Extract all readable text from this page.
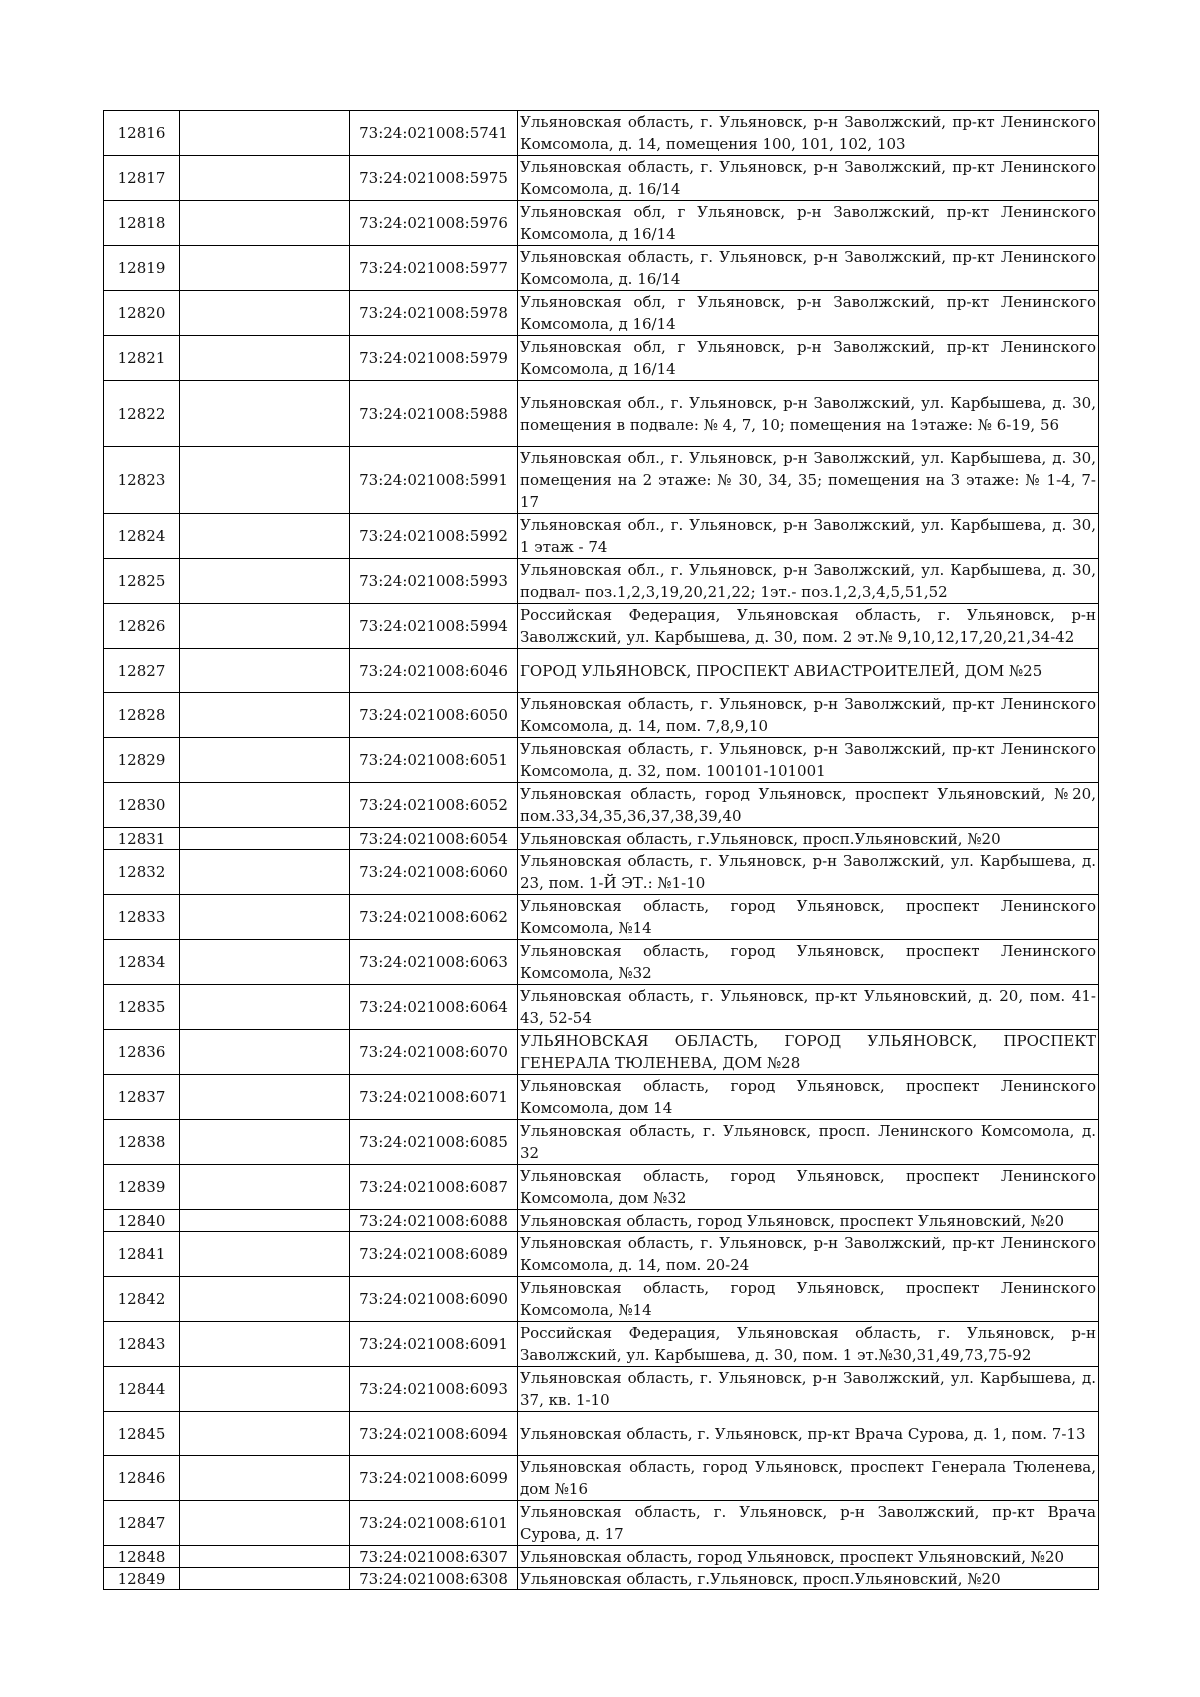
12816		73:24:021008:5741	Ульяновская область, г. Ульяновск, р-н Заволжский, пр-кт Ленинского Комсомола, д. 14, помещения 100, 101, 102, 103
12817		73:24:021008:5975	Ульяновская область, г. Ульяновск, р-н Заволжский, пр-кт Ленинского Комсомола, д. 16/14
12818		73:24:021008:5976	Ульяновская обл, г Ульяновск, р-н Заволжский, пр-кт Ленинского Комсомола, д 16/14
12819		73:24:021008:5977	Ульяновская область, г. Ульяновск, р-н Заволжский, пр-кт Ленинского Комсомола, д. 16/14
12820		73:24:021008:5978	Ульяновская обл, г Ульяновск, р-н Заволжский, пр-кт Ленинского Комсомола, д 16/14
12821		73:24:021008:5979	Ульяновская обл, г Ульяновск, р-н Заволжский, пр-кт Ленинского Комсомола, д 16/14
12822		73:24:021008:5988	Ульяновская обл., г. Ульяновск, р-н Заволжский, ул. Карбышева, д. 30, помещения в подвале: № 4, 7, 10; помещения на 1этаже: № 6-19, 56
12823		73:24:021008:5991	Ульяновская обл., г. Ульяновск, р-н Заволжский, ул. Карбышева, д. 30, помещения на 2 этаже: № 30, 34, 35; помещения на 3 этаже: № 1-4, 7-17
12824		73:24:021008:5992	Ульяновская обл., г. Ульяновск, р-н Заволжский, ул. Карбышева, д. 30, 1 этаж - 74
12825		73:24:021008:5993	Ульяновская обл., г. Ульяновск, р-н Заволжский, ул. Карбышева, д. 30, подвал- поз.1,2,3,19,20,21,22; 1эт.- поз.1,2,3,4,5,51,52
12826		73:24:021008:5994	Российская Федерация, Ульяновская область, г. Ульяновск, р-н Заволжский, ул. Карбышева, д. 30, пом. 2 эт.№ 9,10,12,17,20,21,34-42
12827		73:24:021008:6046	ГОРОД УЛЬЯНОВСК, ПРОСПЕКТ АВИАСТРОИТЕЛЕЙ, ДОМ №25
12828		73:24:021008:6050	Ульяновская область, г. Ульяновск, р-н Заволжский, пр-кт Ленинского Комсомола, д. 14, пом. 7,8,9,10
12829		73:24:021008:6051	Ульяновская область, г. Ульяновск, р-н Заволжский, пр-кт Ленинского Комсомола, д. 32, пом. 100101-101001
12830		73:24:021008:6052	Ульяновская область, город Ульяновск, проспект Ульяновский, №20, пом.33,34,35,36,37,38,39,40
12831		73:24:021008:6054	Ульяновская область, г.Ульяновск, просп.Ульяновский, №20
12832		73:24:021008:6060	Ульяновская область, г. Ульяновск, р-н Заволжский, ул. Карбышева, д. 23, пом. 1-Й ЭТ.: №1-10
12833		73:24:021008:6062	Ульяновская область, город Ульяновск, проспект Ленинского Комсомола, №14
12834		73:24:021008:6063	Ульяновская область, город Ульяновск, проспект Ленинского Комсомола, №32
12835		73:24:021008:6064	Ульяновская область, г. Ульяновск, пр-кт Ульяновский, д. 20, пом. 41-43, 52-54
12836		73:24:021008:6070	УЛЬЯНОВСКАЯ ОБЛАСТЬ, ГОРОД УЛЬЯНОВСК, ПРОСПЕКТ ГЕНЕРАЛА ТЮЛЕНЕВА, ДОМ №28
12837		73:24:021008:6071	Ульяновская область, город Ульяновск, проспект Ленинского Комсомола, дом 14
12838		73:24:021008:6085	Ульяновская область, г. Ульяновск, просп. Ленинского Комсомола, д. 32
12839		73:24:021008:6087	Ульяновская область, город Ульяновск, проспект Ленинского Комсомола, дом №32
12840		73:24:021008:6088	Ульяновская область, город Ульяновск, проспект Ульяновский, №20
12841		73:24:021008:6089	Ульяновская область, г. Ульяновск, р-н Заволжский, пр-кт Ленинского Комсомола, д. 14, пом. 20-24
12842		73:24:021008:6090	Ульяновская область, город Ульяновск, проспект Ленинского Комсомола, №14
12843		73:24:021008:6091	Российская Федерация, Ульяновская область, г. Ульяновск, р-н Заволжский, ул. Карбышева, д. 30, пом. 1 эт.№30,31,49,73,75-92
12844		73:24:021008:6093	Ульяновская область, г. Ульяновск, р-н Заволжский, ул. Карбышева, д. 37, кв. 1-10
12845		73:24:021008:6094	Ульяновская область, г. Ульяновск, пр-кт Врача Сурова, д. 1, пом. 7-13
12846		73:24:021008:6099	Ульяновская область, город Ульяновск, проспект Генерала Тюленева, дом №16
12847		73:24:021008:6101	Ульяновская область, г. Ульяновск, р-н Заволжский, пр-кт Врача Сурова, д. 17
12848		73:24:021008:6307	Ульяновская область, город Ульяновск, проспект Ульяновский, №20
12849		73:24:021008:6308	Ульяновская область, г.Ульяновск, просп.Ульяновский, №20
